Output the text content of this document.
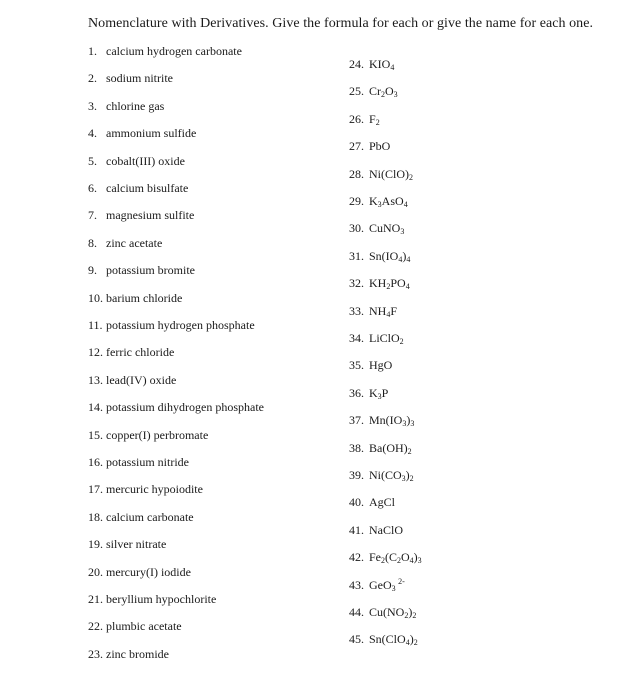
Nomenclature with Derivatives. Give the formula for each or give the name for each one.
1. calcium hydrogen carbonate
2. sodium nitrite
3. chlorine gas
4. ammonium sulfide
5. cobalt(III) oxide
6. calcium bisulfate
7. magnesium sulfite
8. zinc acetate
9. potassium bromite
10. barium chloride
11. potassium hydrogen phosphate
12. ferric chloride
13. lead(IV) oxide
14. potassium dihydrogen phosphate
15. copper(I) perbromate
16. potassium nitride
17. mercuric hypoiodite
18. calcium carbonate
19. silver nitrate
20. mercury(I) iodide
21. beryllium hypochlorite
22. plumbic acetate
23. zinc bromide
24. $KIO_4$
25. $Cr_2O_3$
26. $F_2$
27. PbO
28. $Ni(ClO)_2$
29. $K_3AsO_4$
30. CuNO$_3$
31. $Sn(IO_4)_4$
32. $KH_2PO_4$
33. $NH_4F$
34. LiClO$_2$
35. HgO
36. $K_3P$
37. $Mn(IO_3)_3$
38. $Ba(OH)_2$
39. $Ni(CO_3)_2$
40. AgCl
41. NaClO
42. $Fe_2(C_2O_4)_3$
43. GeO$_3$ $^{2-}$
44. $Cu(NO_2)_2$
45. $Sn(ClO_4)_2$
